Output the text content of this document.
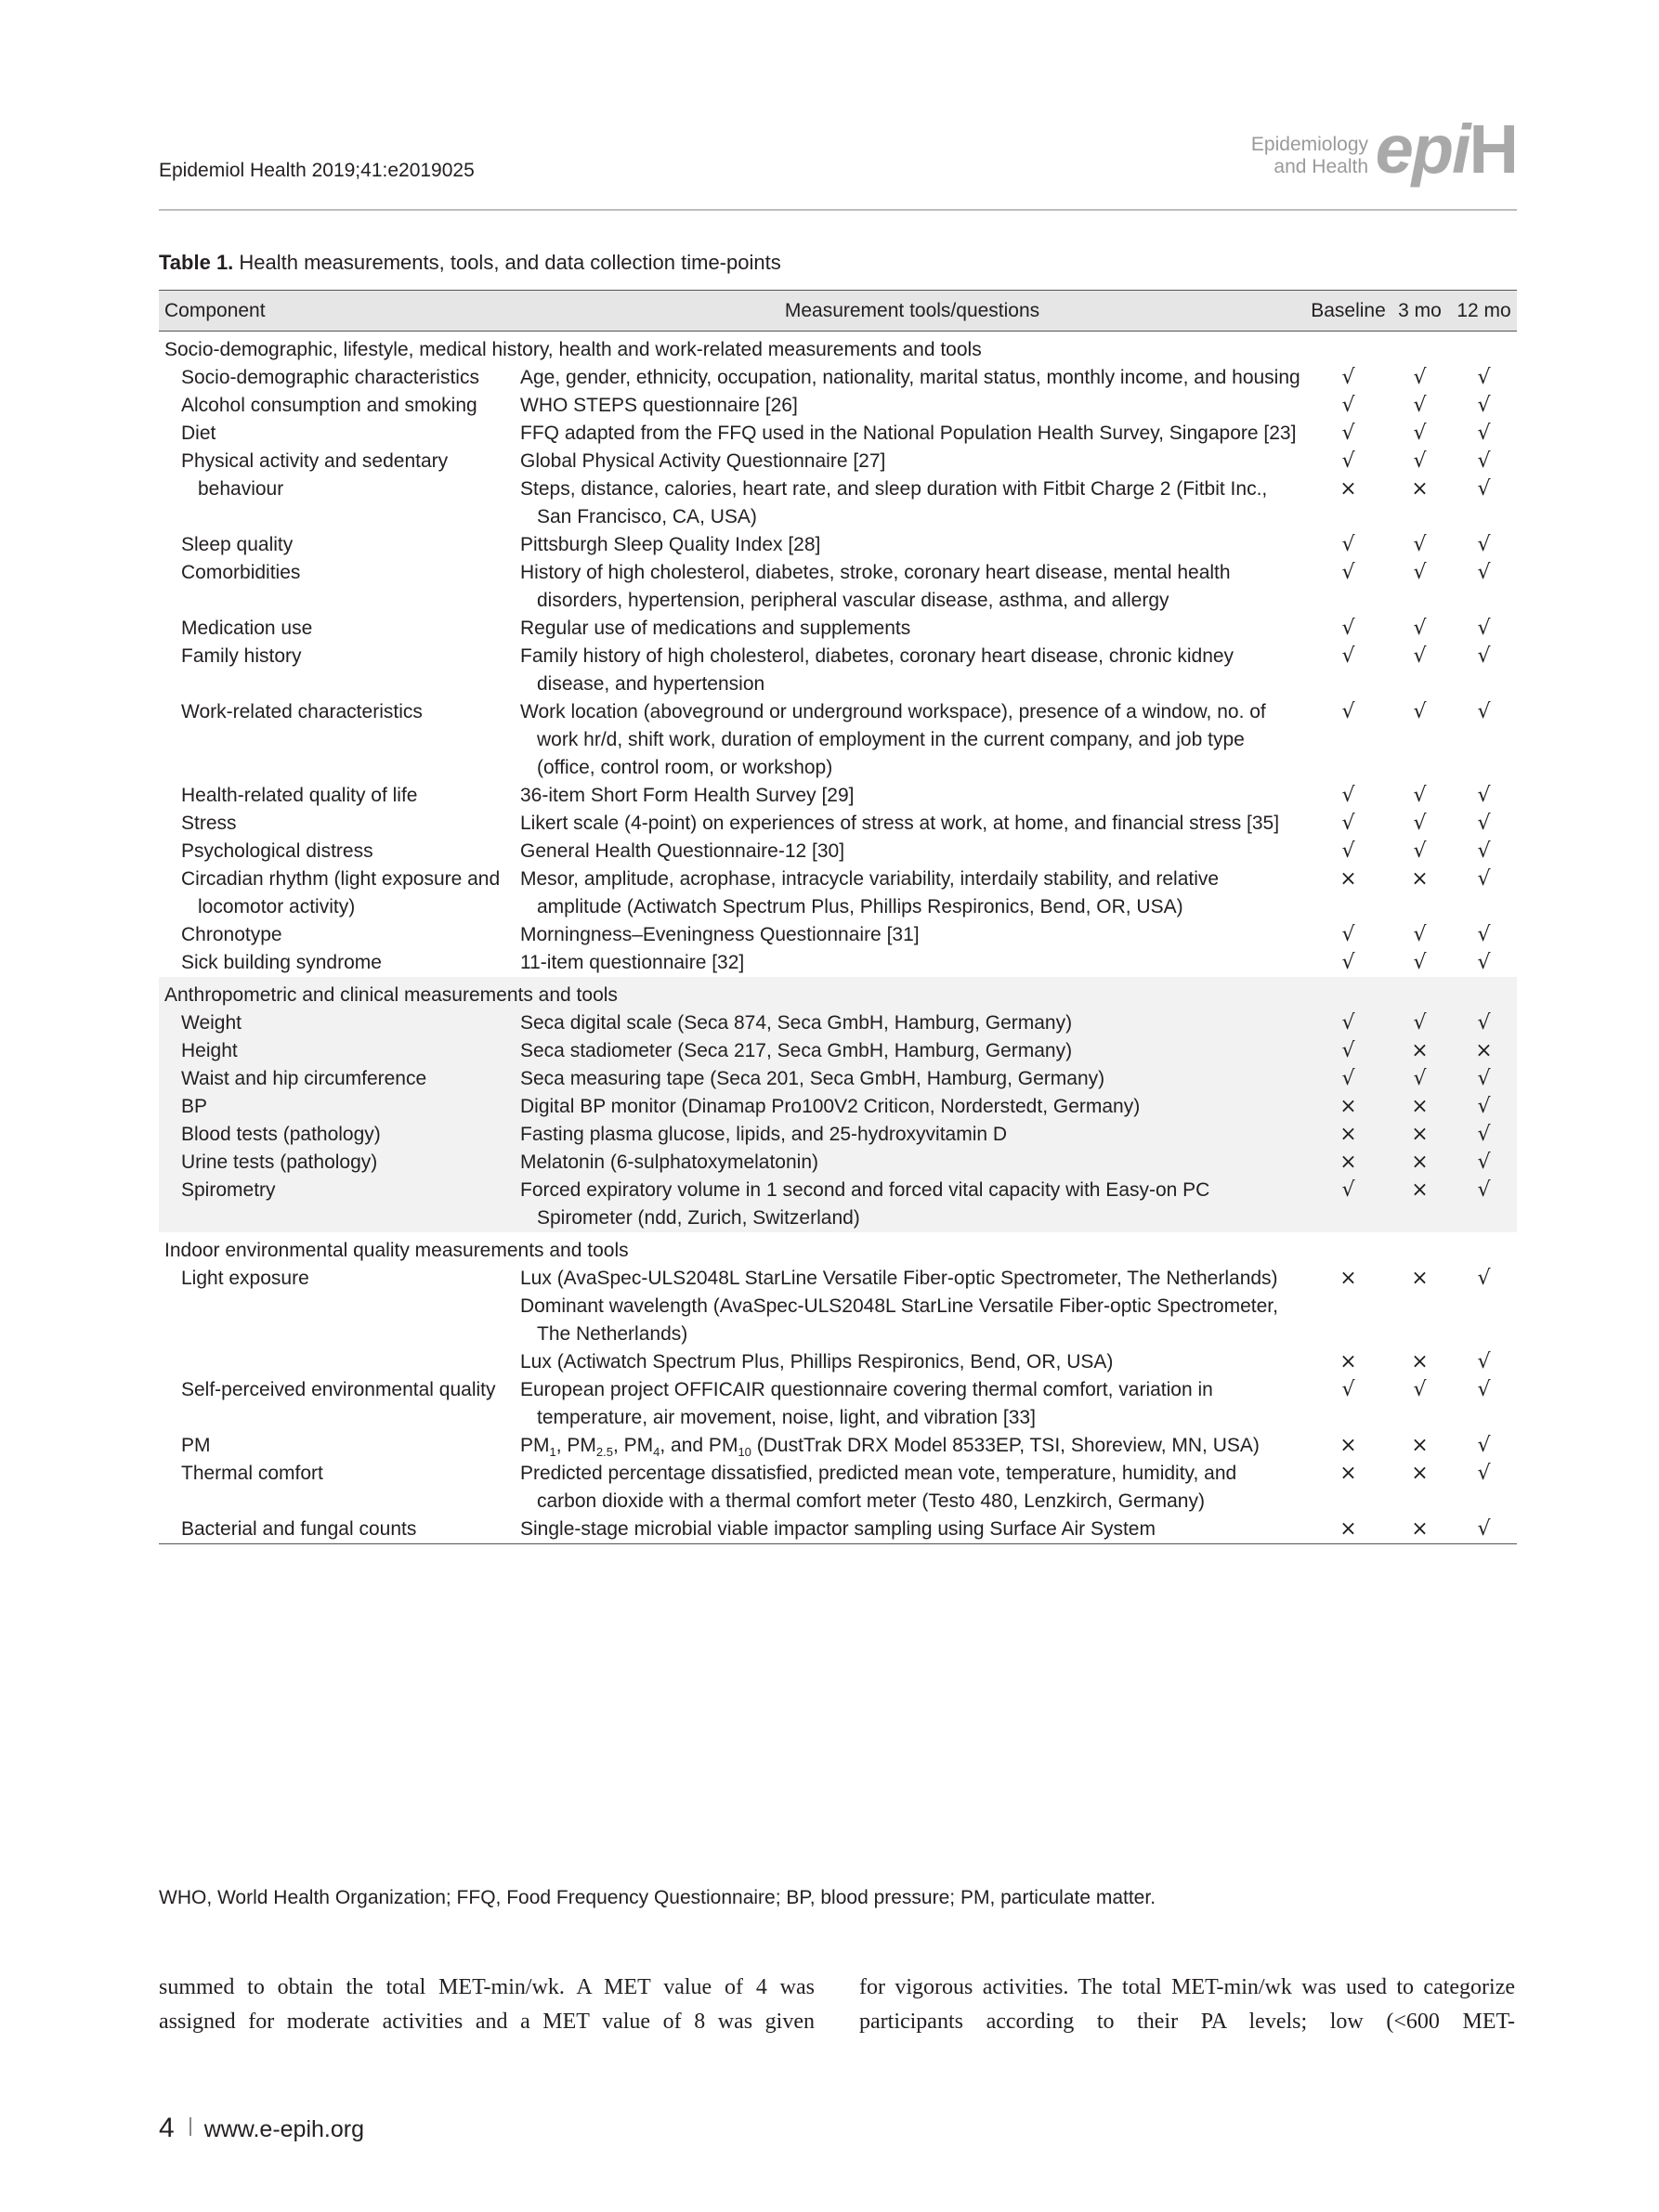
Epidemiol Health 2019;41:e2019025
Epidemiology
and Health epiH
Table 1. Health measurements, tools, and data collection time-points
Component	Measurement tools/questions	Baseline	3 mo	12 mo
Socio-demographic, lifestyle, medical history, health and work-related measurements and tools				

Socio-demographic characteristics	Age, gender, ethnicity, occupation, nationality, marital status, monthly income, and housing	√	√	√

Alcohol consumption and smoking	WHO STEPS questionnaire [26]	√	√	√

Diet	FFQ adapted from the FFQ used in the National Population Health Survey, Singapore [23]	√	√	√

Physical activity and sedentary behaviour	Global Physical Activity Questionnaire [27]	√	√	√

	Steps, distance, calories, heart rate, and sleep duration with Fitbit Charge 2 (Fitbit Inc., San Francisco, CA, USA)	×	×	√

Sleep quality	Pittsburgh Sleep Quality Index [28]	√	√	√

Comorbidities	History of high cholesterol, diabetes, stroke, coronary heart disease, mental health disorders, hypertension, peripheral vascular disease, asthma, and allergy	√	√	√

Medication use	Regular use of medications and supplements	√	√	√

Family history	Family history of high cholesterol, diabetes, coronary heart disease, chronic kidney disease, and hypertension	√	√	√

Work-related characteristics	Work location (aboveground or underground workspace), presence of a window, no. of work hr/d, shift work, duration of employment in the current company, and job type (office, control room, or workshop)	√	√	√

Health-related quality of life	36-item Short Form Health Survey [29]	√	√	√

Stress	Likert scale (4-point) on experiences of stress at work, at home, and financial stress [35]	√	√	√

Psychological distress	General Health Questionnaire-12 [30]	√	√	√

Circadian rhythm (light exposure and locomotor activity)	Mesor, amplitude, acrophase, intracycle variability, interdaily stability, and relative amplitude (Actiwatch Spectrum Plus, Phillips Respironics, Bend, OR, USA)	×	×	√

Chronotype	Morningness–Eveningness Questionnaire [31]	√	√	√

Sick building syndrome	11-item questionnaire [32]	√	√	√
Anthropometric and clinical measurements and tools				

Weight	Seca digital scale (Seca 874, Seca GmbH, Hamburg, Germany)	√	√	√

Height	Seca stadiometer (Seca 217, Seca GmbH, Hamburg, Germany)	√	×	×

Waist and hip circumference	Seca measuring tape (Seca 201, Seca GmbH, Hamburg, Germany)	√	√	√

BP	Digital BP monitor (Dinamap Pro100V2 Criticon, Norderstedt, Germany)	×	×	√

Blood tests (pathology)	Fasting plasma glucose, lipids, and 25-hydroxyvitamin D	×	×	√

Urine tests (pathology)	Melatonin (6-sulphatoxymelatonin)	×	×	√

Spirometry	Forced expiratory volume in 1 second and forced vital capacity with Easy-on PC Spirometer (ndd, Zurich, Switzerland)	√	×	√
Indoor environmental quality measurements and tools				

Light exposure	Lux (AvaSpec-ULS2048L StarLine Versatile Fiber-optic Spectrometer, The Netherlands)	×	×	√

	Dominant wavelength (AvaSpec-ULS2048L StarLine Versatile Fiber-optic Spectrometer, The Netherlands)			

	Lux (Actiwatch Spectrum Plus, Phillips Respironics, Bend, OR, USA)	×	×	√

Self-perceived environmental quality	European project OFFICAIR questionnaire covering thermal comfort, variation in temperature, air movement, noise, light, and vibration [33]	√	√	√

PM	$PM_1$, $PM_{2.5}$, $PM_4$, and $PM_{10}$ (DustTrak DRX Model 8533EP, TSI, Shoreview, MN, USA)	×	×	√

Thermal comfort	Predicted percentage dissatisfied, predicted mean vote, temperature, humidity, and carbon dioxide with a thermal comfort meter (Testo 480, Lenzkirch, Germany)	×	×	√

Bacterial and fungal counts	Single-stage microbial viable impactor sampling using Surface Air System	×	×	√
WHO, World Health Organization; FFQ, Food Frequency Questionnaire; BP, blood pressure; PM, particulate matter.
summed to obtain the total MET-min/wk. A MET value of 4 was assigned for moderate activities and a MET value of 8 was given
for vigorous activities. The total MET-min/wk was used to categorize participants according to their PA levels; low (<600 MET-
4 www.e-epih.org
